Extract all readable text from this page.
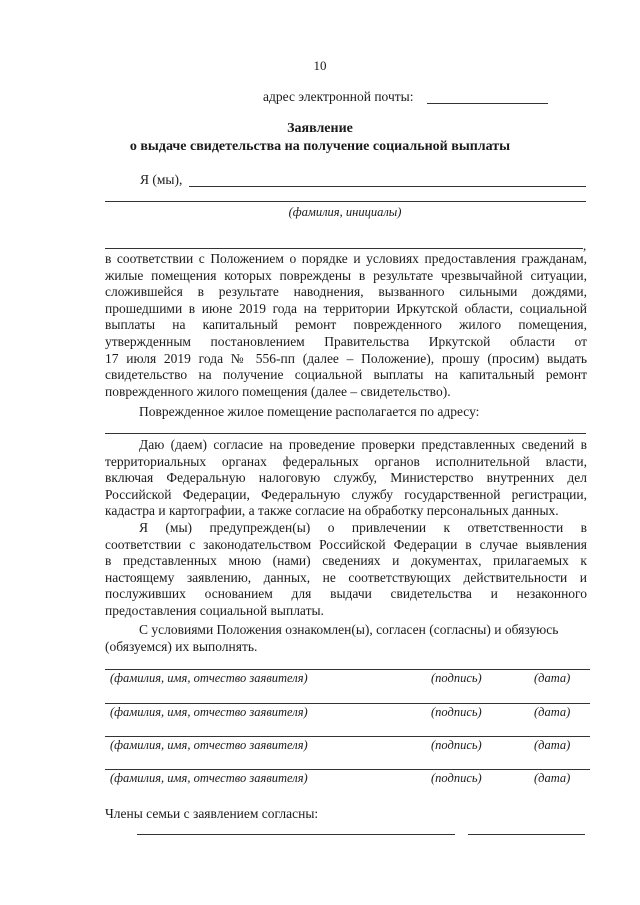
10
адрес электронной почты:
Заявление
о выдаче свидетельства на получение социальной выплаты
Я (мы),
(фамилия, инициалы)
,
в соответствии с Положением о порядке и условиях предоставления гражданам,
жилые помещения которых повреждены в результате чрезвычайной ситуации,
сложившейся в результате наводнения, вызванного сильными дождями,
прошедшими в июне 2019 года на территории Иркутской области, социальной
выплаты на капитальный ремонт поврежденного жилого помещения,
утвержденным постановлением Правительства Иркутской области от
17 июля 2019 года № 556-пп (далее – Положение), прошу (просим) выдать
свидетельство на получение социальной выплаты на капитальный ремонт
поврежденного жилого помещения (далее – свидетельство).
Поврежденное жилое помещение располагается по адресу:
Даю (даем) согласие на проведение проверки представленных сведений в
территориальных органах федеральных органов исполнительной власти,
включая Федеральную налоговую службу, Министерство внутренних дел
Российской Федерации, Федеральную службу государственной регистрации,
кадастра и картографии, а также согласие на обработку персональных данных.
Я (мы) предупрежден(ы) о привлечении к ответственности в
соответствии с законодательством Российской Федерации в случае выявления
в представленных мною (нами) сведениях и документах, прилагаемых к
настоящему заявлению, данных, не соответствующих действительности и
послуживших основанием для выдачи свидетельства и незаконного
предоставления социальной выплаты.
С условиями Положения ознакомлен(ы), согласен (согласны) и обязуюсь
(обязуемся) их выполнять.
(фамилия, имя, отчество заявителя)	(подпись)	(дата)
(фамилия, имя, отчество заявителя)	(подпись)	(дата)
(фамилия, имя, отчество заявителя)	(подпись)	(дата)
(фамилия, имя, отчество заявителя)	(подпись)	(дата)
Члены семьи с заявлением согласны:
